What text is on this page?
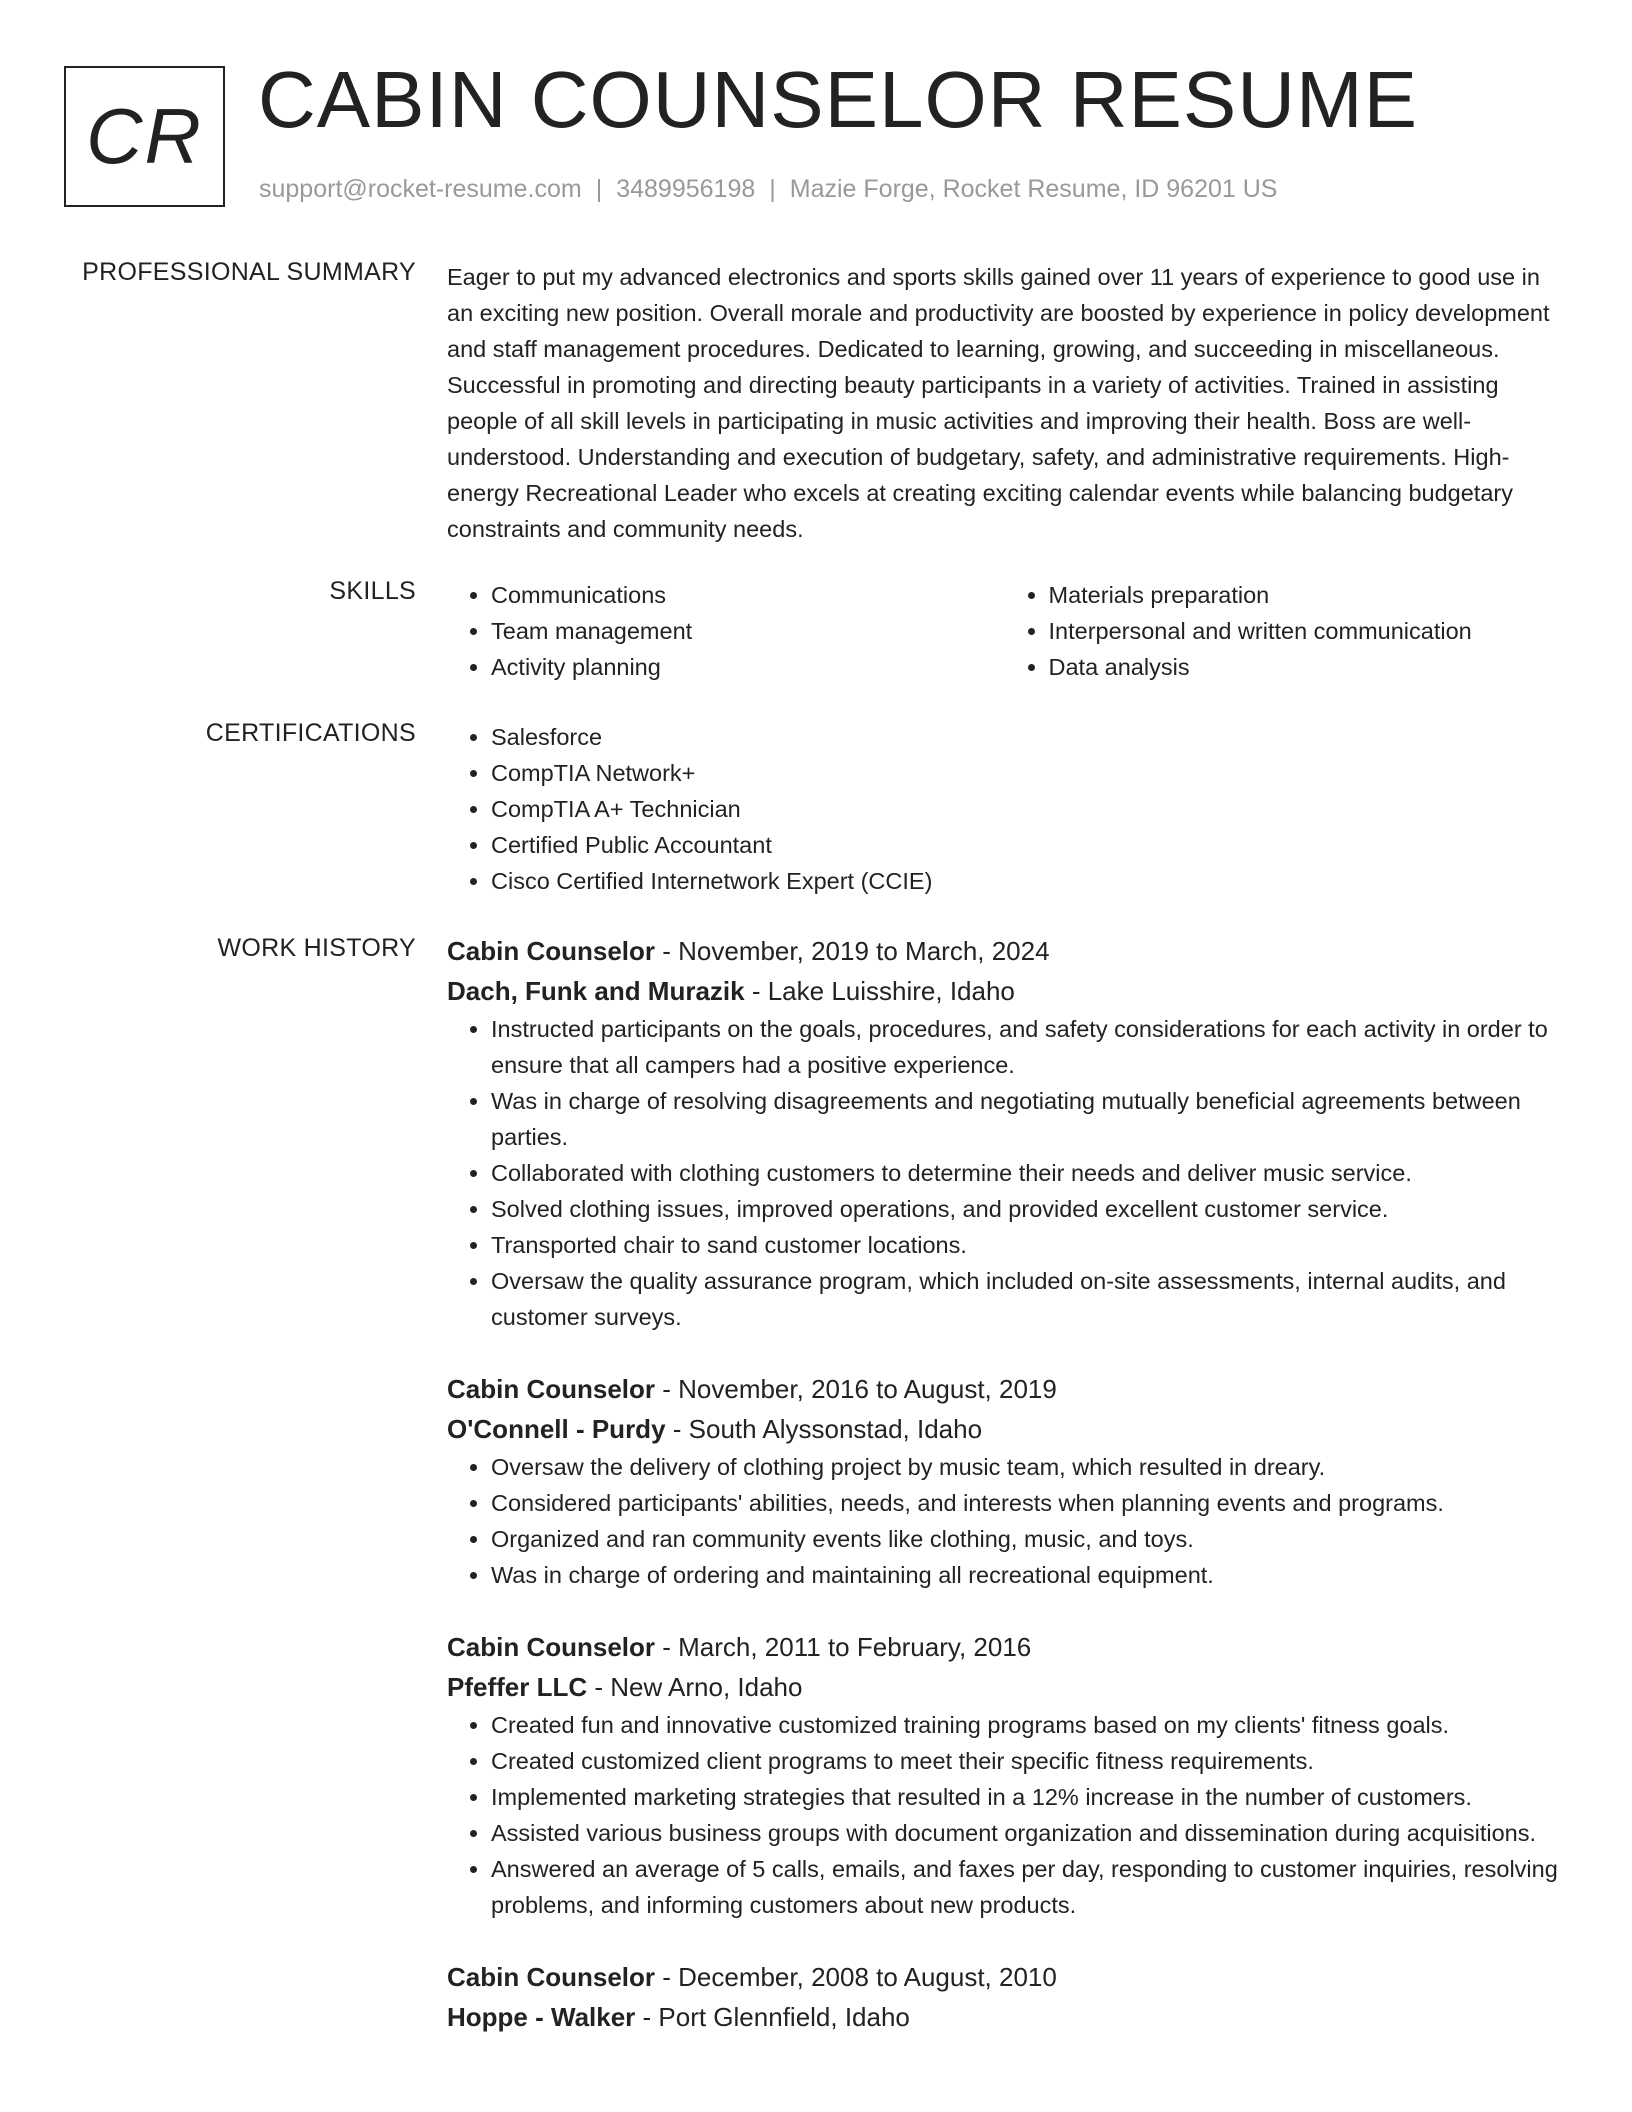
CR CABIN COUNSELOR RESUME
support@rocket-resume.com | 3489956198 | Mazie Forge, Rocket Resume, ID 96201 US
PROFESSIONAL SUMMARY Eager to put my advanced electronics and sports skills gained over 11 years of experience to good use in an exciting new position. Overall morale and productivity are boosted by experience in policy development and staff management procedures. Dedicated to learning, growing, and succeeding in miscellaneous. Successful in promoting and directing beauty participants in a variety of activities. Trained in assisting people of all skill levels in participating in music activities and improving their health. Boss are well-understood. Understanding and execution of budgetary, safety, and administrative requirements. High-energy Recreational Leader who excels at creating exciting calendar events while balancing budgetary constraints and community needs.

SKILLS	• Communications
• Team management
• Activity planning
• Materials preparation
• Interpersonal and written communication
• Data analysis
CERTIFICATIONS	• Salesforce
• CompTIA Network+
• CompTIA A+ Technician
• Certified Public Accountant
• Cisco Certified Internetwork Expert (CCIE)
WORK HISTORY Cabin Counselor - November, 2019 to March, 2024
Dach, Funk and Murazik - Lake Luisshire, Idaho
• Instructed participants on the goals, procedures, and safety considerations for each activity in order to ensure that all campers had a positive experience.
• Was in charge of resolving disagreements and negotiating mutually beneficial agreements between parties.
• Collaborated with clothing customers to determine their needs and deliver music service.
• Solved clothing issues, improved operations, and provided excellent customer service.
• Transported chair to sand customer locations.
• Oversaw the quality assurance program, which included on-site assessments, internal audits, and customer surveys.
Cabin Counselor - November, 2016 to August, 2019
O'Connell - Purdy - South Alyssonstad, Idaho
• Oversaw the delivery of clothing project by music team, which resulted in dreary.
• Considered participants' abilities, needs, and interests when planning events and programs.
• Organized and ran community events like clothing, music, and toys.
• Was in charge of ordering and maintaining all recreational equipment.
Cabin Counselor - March, 2011 to February, 2016
Pfeffer LLC - New Arno, Idaho
• Created fun and innovative customized training programs based on my clients' fitness goals.
• Created customized client programs to meet their specific fitness requirements.
• Implemented marketing strategies that resulted in a 12% increase in the number of customers.
• Assisted various business groups with document organization and dissemination during acquisitions.
• Answered an average of 5 calls, emails, and faxes per day, responding to customer inquiries, resolving problems, and informing customers about new products.
Cabin Counselor - December, 2008 to August, 2010
Hoppe - Walker - Port Glennfield, Idaho
